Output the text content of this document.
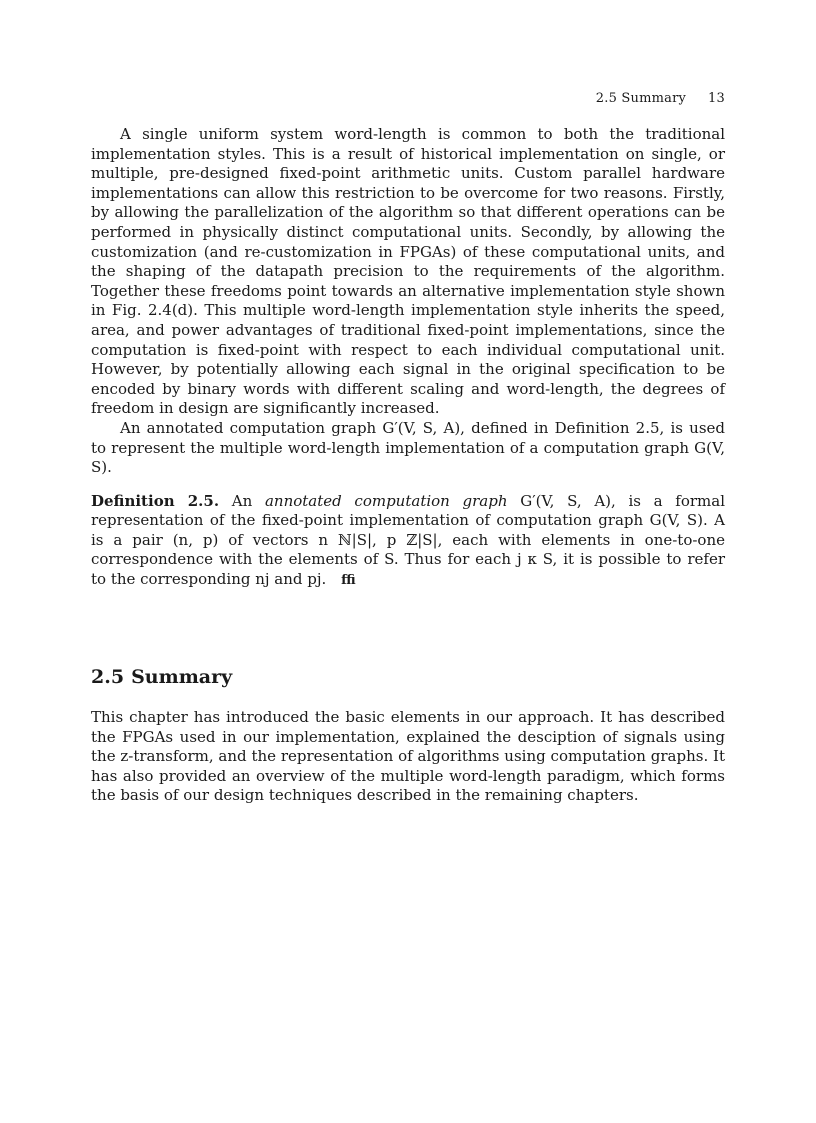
2.5 Summary 13

A single uniform system word-length is common to both the traditional implementation styles. This is a result of historical implementation on single, or multiple, pre-designed fixed-point arithmetic units. Custom parallel hardware implementations can allow this restriction to be overcome for two reasons. Firstly, by allowing the parallelization of the algorithm so that different operations can be performed in physically distinct computational units. Secondly, by allowing the customization (and re-customization in FPGAs) of these computational units, and the shaping of the datapath precision to the requirements of the algorithm. Together these freedoms point towards an alternative implementation style shown in Fig. 2.4(d). This multiple word-length implementation style inherits the speed, area, and power advantages of traditional fixed-point implementations, since the computation is fixed-point with respect to each individual computational unit. However, by potentially allowing each signal in the original specification to be encoded by binary words with different scaling and word-length, the degrees of freedom in design are significantly increased.

An annotated computation graph G′(V, S, A), defined in Definition 2.5, is used to represent the multiple word-length implementation of a computation graph G(V, S).

Definition 2.5. An annotated computation graph G′(V, S, A), is a formal representation of the fixed-point implementation of computation graph G(V, S). A is a pair (n, p) of vectors n ℕ|S|, p ℤ|S|, each with elements in one-to-one correspondence with the elements of S. Thus for each j κ S, it is possible to refer to the corresponding nj and pj. ﬃ

2.5 Summary

This chapter has introduced the basic elements in our approach. It has described the FPGAs used in our implementation, explained the desciption of signals using the z-transform, and the representation of algorithms using computation graphs. It has also provided an overview of the multiple word-length paradigm, which forms the basis of our design techniques described in the remaining chapters.
